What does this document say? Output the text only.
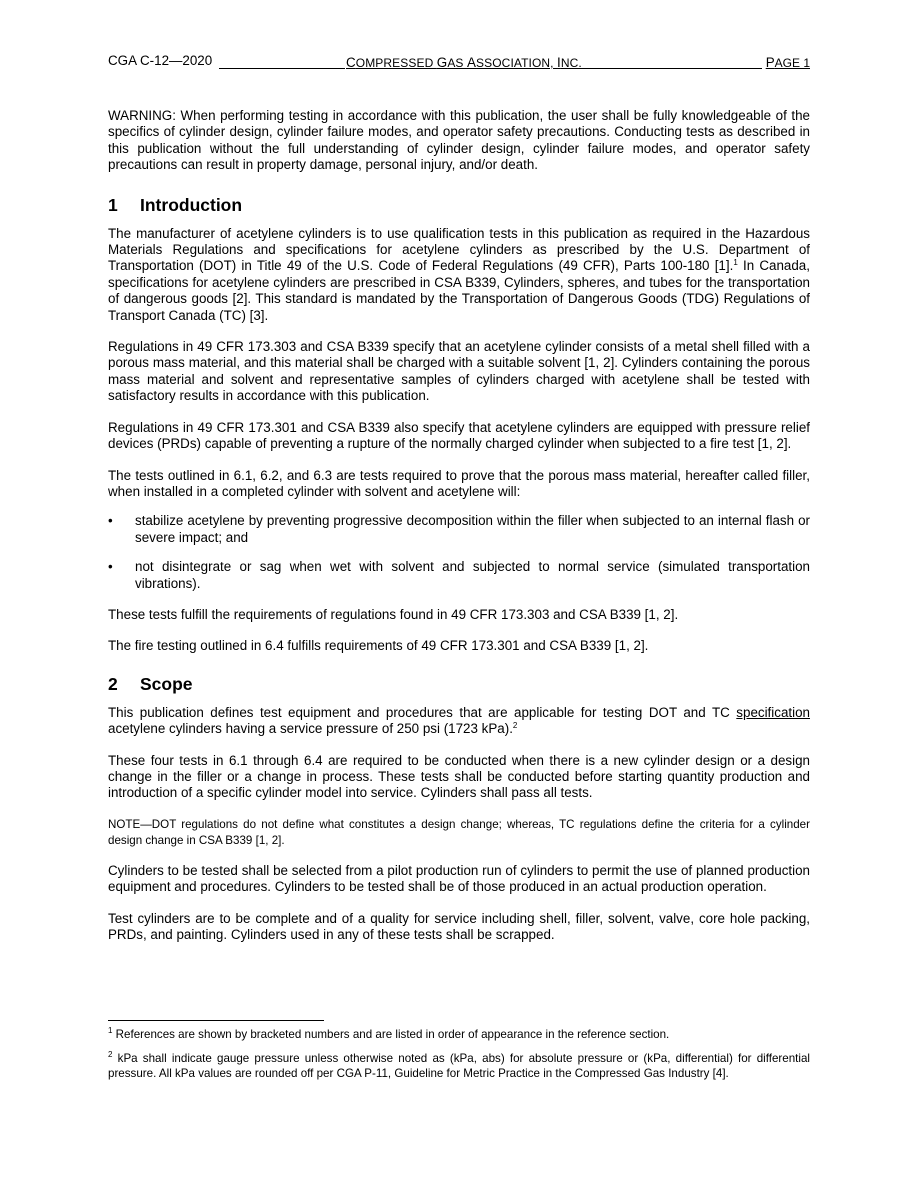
CGA C-12—2020	COMPRESSED GAS ASSOCIATION, INC.	PAGE 1

WARNING: When performing testing in accordance with this publication, the user shall be fully knowledgeable of the specifics of cylinder design, cylinder failure modes, and operator safety precautions. Conducting tests as described in this publication without the full understanding of cylinder design, cylinder failure modes, and operator safety precautions can result in property damage, personal injury, and/or death.

1 Introduction

The manufacturer of acetylene cylinders is to use qualification tests in this publication as required in the Hazardous Materials Regulations and specifications for acetylene cylinders as prescribed by the U.S. Department of Transportation (DOT) in Title 49 of the U.S. Code of Federal Regulations (49 CFR), Parts 100-180 [1].$^1$ In Canada, specifications for acetylene cylinders are prescribed in CSA B339, Cylinders, spheres, and tubes for the transportation of dangerous goods [2]. This standard is mandated by the Transportation of Dangerous Goods (TDG) Regulations of Transport Canada (TC) [3].

Regulations in 49 CFR 173.303 and CSA B339 specify that an acetylene cylinder consists of a metal shell filled with a porous mass material, and this material shall be charged with a suitable solvent [1, 2]. Cylinders containing the porous mass material and solvent and representative samples of cylinders charged with acetylene shall be tested with satisfactory results in accordance with this publication.

Regulations in 49 CFR 173.301 and CSA B339 also specify that acetylene cylinders are equipped with pressure relief devices (PRDs) capable of preventing a rupture of the normally charged cylinder when subjected to a fire test [1, 2].

The tests outlined in 6.1, 6.2, and 6.3 are tests required to prove that the porous mass material, hereafter called filler, when installed in a completed cylinder with solvent and acetylene will:

• stabilize acetylene by preventing progressive decomposition within the filler when subjected to an internal flash or severe impact; and
• not disintegrate or sag when wet with solvent and subjected to normal service (simulated transportation vibrations).

These tests fulfill the requirements of regulations found in 49 CFR 173.303 and CSA B339 [1, 2].

The fire testing outlined in 6.4 fulfills requirements of 49 CFR 173.301 and CSA B339 [1, 2].

2 Scope

This publication defines test equipment and procedures that are applicable for testing DOT and TC specification acetylene cylinders having a service pressure of 250 psi (1723 kPa).$^2$

These four tests in 6.1 through 6.4 are required to be conducted when there is a new cylinder design or a design change in the filler or a change in process. These tests shall be conducted before starting quantity production and introduction of a specific cylinder model into service. Cylinders shall pass all tests.

NOTE—DOT regulations do not define what constitutes a design change; whereas, TC regulations define the criteria for a cylinder design change in CSA B339 [1, 2].

Cylinders to be tested shall be selected from a pilot production run of cylinders to permit the use of planned production equipment and procedures. Cylinders to be tested shall be of those produced in an actual production operation.

Test cylinders are to be complete and of a quality for service including shell, filler, solvent, valve, core hole packing, PRDs, and painting. Cylinders used in any of these tests shall be scrapped.

$^1$ References are shown by bracketed numbers and are listed in order of appearance in the reference section.

$^2$ kPa shall indicate gauge pressure unless otherwise noted as (kPa, abs) for absolute pressure or (kPa, differential) for differential pressure. All kPa values are rounded off per CGA P-11, Guideline for Metric Practice in the Compressed Gas Industry [4].
